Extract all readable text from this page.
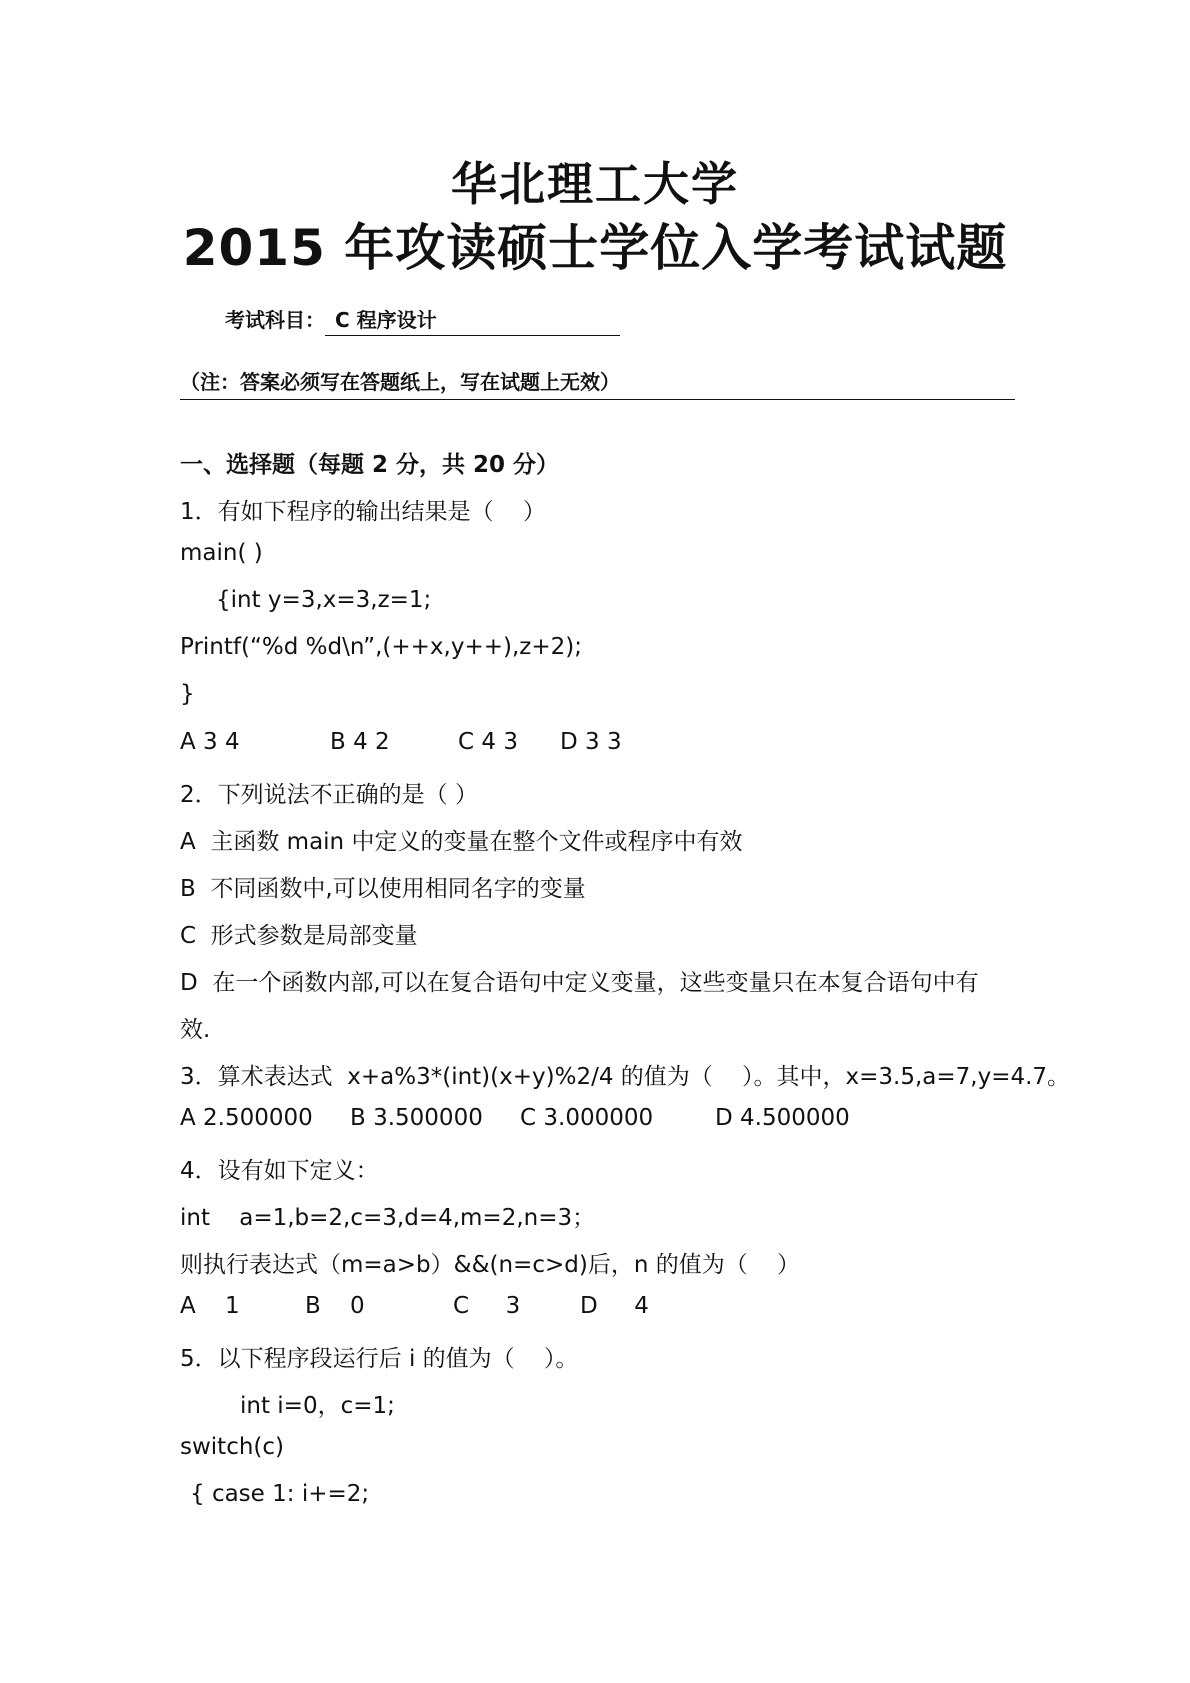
华北理工大学
2015 年攻读硕士学位入学考试试题
考试科目： C 程序设计
（注：答案必须写在答题纸上，写在试题上无效）
一、选择题（每题 2 分，共 20 分）
1．有如下程序的输出结果是（    ）
main( )
{int y=3,x=3,z=1;
Printf(“%d %d\n”,(++x,y++),z+2);
}
A 3 4	B 4 2	C 4 3 D 3 3
2．下列说法不正确的是（ ）
A  主函数 main 中定义的变量在整个文件或程序中有效
B  不同函数中,可以使用相同名字的变量
C  形式参数是局部变量
D  在一个函数内部,可以在复合语句中定义变量，这些变量只在本复合语句中有
效.
3．算术表达式  x+a%3*(int)(x+y)%2/4 的值为（    ）。其中，x=3.5,a=7,y=4.7。
A 2.500000 B 3.500000 C 3.000000	D 4.500000
4．设有如下定义：
int    a=1,b=2,c=3,d=4,m=2,n=3；
则执行表达式（m=a>b）&&(n=c>d)后，n 的值为（    ）
A    1	B    0	C     3	D     4
5．以下程序段运行后 i 的值为（    ）。
int i=0，c=1;
switch(c)
{ case 1: i+=2;
